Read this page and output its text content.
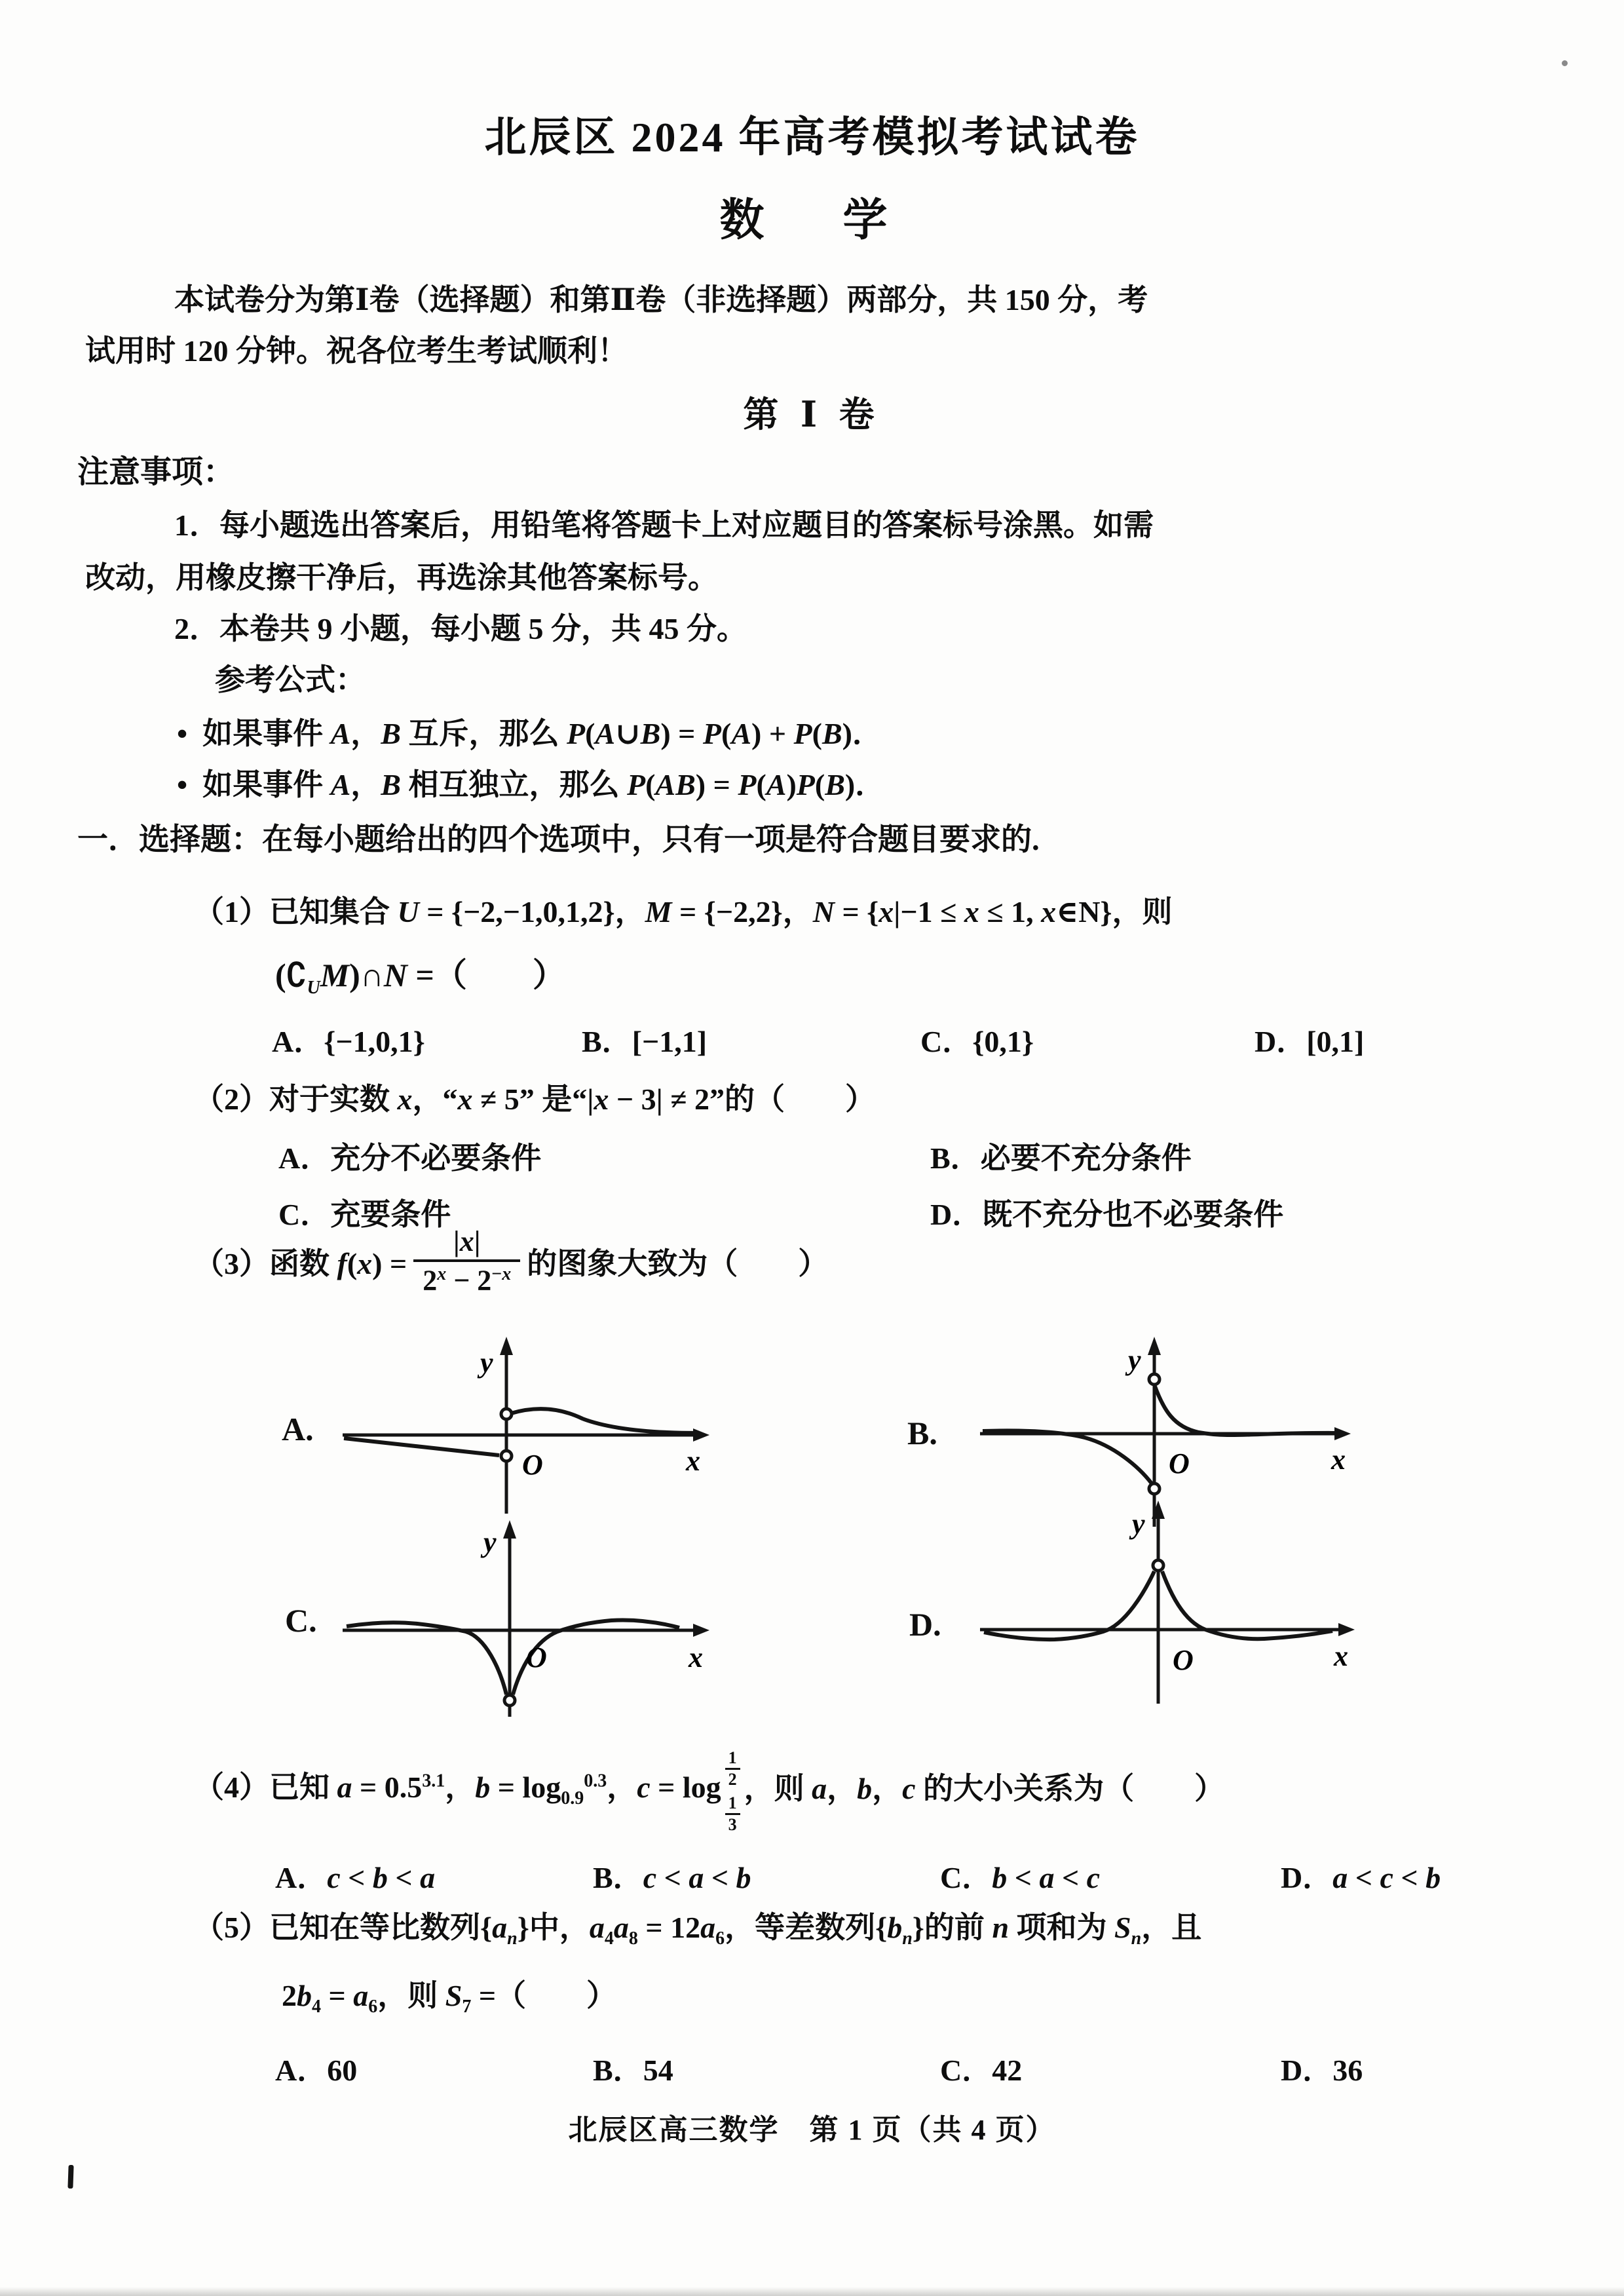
北辰区 2024 年高考模拟考试试卷
数　学
本试卷分为第Ⅰ卷（选择题）和第Ⅱ卷（非选择题）两部分，共 150 分，考
试用时 120 分钟。祝各位考生考试顺利！
第 Ⅰ 卷
注意事项：
1．每小题选出答案后，用铅笔将答题卡上对应题目的答案标号涂黑。如需
改动，用橡皮擦干净后，再选涂其他答案标号。
2．本卷共 9 小题，每小题 5 分，共 45 分。
参考公式：
• 如果事件 A，B 互斥，那么 P(A∪B) = P(A) + P(B)．
• 如果事件 A，B 相互独立，那么 P(AB) = P(A)P(B)．
一．选择题：在每小题给出的四个选项中，只有一项是符合题目要求的.
（1）已知集合 U = {−2,−1,0,1,2}，M = {−2,2}，N = {x|−1 ≤ x ≤ 1, x∈N}，则
$(∁_UM)\cap N$ =（　　）
A．{−1,0,1}	B．[−1,1]	C．{0,1}	D．[0,1]
（2）对于实数 x，“x ≠ 5” 是“|x − 3| ≠ 2”的（　　）
A．充分不必要条件	B．必要不充分条件
C．充要条件	D．既不充分也不必要条件
（3）函数 $f(x) = \frac{|x|}{2^x - 2^{-x}}$ 的图象大致为（　　）
A.	B.
C.	D.
y
x
O
y
x
O
y
x
O
y
x
O
（4）已知 $a = 0.5^{3.1}$，$b = \log_{0.9}^{0.3}$，c = log
1
2
1
3
，则 a，b，c 的大小关系为（　　）
A．c < b < a	B．c < a < b	C．b < a < c	D．a < c < b
（5）已知在等比数列$\{a_n\}$中，$a_4a_8 = 12a_6$，等差数列$\{b_n\}$的前 n 项和为 $S_n$，且
$2b_4 = a_6$，则 $S_7$ =（　　）
A．60	B．54	C．42	D．36
北辰区高三数学　第 1 页（共 4 页）
